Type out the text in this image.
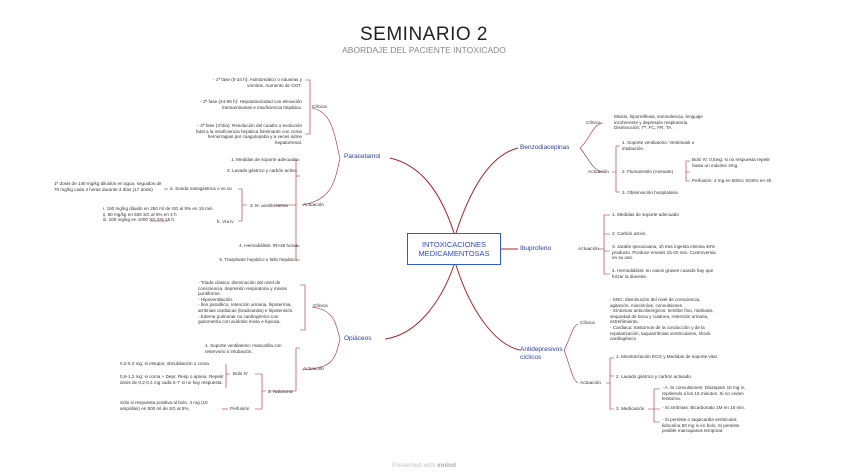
SEMINARIO 2
ABORDAJE DEL PACIENTE INTOXICADO
INTOXICACIONES
MEDICAMENTOSAS
Paracetamol
Opiáceos
Benzodiacepinas
Ibuprofeno
Antidepresivos cíclicos
Clínica
- 1ª fase (0-24 h): Asintomático o náuseas y vómitos. Aumento de GGT.
- 2ª fase (24-96 h): Hepatotoxicidad con elevación transaminasas e insuficiencia hepática.
- 3ª fase (4ºdía): Resolución del cuadro o evolución fatal a la insuficiencia hepática fulminante con coma hemorragias por coagulopatía y a veces sdme hepatorrenal.
Actuación
1. Medidas de soporte adecuado
2. Lavado gástrico y carbón activo.
3. N- acetilcisteína
a. Sonda nasogástrica o vo vo
1ª dosis de 140 mg/kg diluidos en agua, seguidos de 70 mg/kg cada 4 horas durante 3 días (17 dosis)
b. Vía iv
i. 150 mg/kg diluido en 250 ml de SG al 5% en 15 min
ii. 50 mg/kg en 500 SG al 5% en 4 h
iii. 100 mg/kg en 1000 SG 5% 16 h.
4. Hemodiálisis: IR>48 horas
5. Trasplante hepático o fallo hepático.
Clínica
- Triada clásica: disminución del nivel de consciencia, depresión respiratoria y miosis puntiforme.
- Hipoventilación.
- Íleo paralítico, retención urinaria, hipotermia, arritmias cardiacas (bradicardia) e hipotensión.
- Edema pulmonar no cardiogénico con gasometría con acidosis mixta e hipoxia.
Actuación
1. Soporte ventilatorio: mascarilla con reservorio o intubación.
2. Naloxona
Bolo IV
0,2-0,4 mg: si estupor, obnubilación o coma.
0,8-1,2 mg: si coma + Depr. Resp o apnea. Repetir dosis de 0,2-0,4 mg cada 5-7' si no hay respuesta.
Perfusión
Sólo si respuesta positiva al bolo. 4 mg (10 ampollas) en 500 ml de SG al 5%.
Clínica
Miosis, hiporreflexia, somnolencia, lenguaje incoherente y depresión respiratoria. Disminución: Tª, FC, FR, TA.
Actuación
1. Soporte ventilatorio: Ventimask o intubación.
2. Flumazenilo (Anexate)
Bolo IV: 0,5mg: si no respuesta repetir hasta un máximo 2mg.
Perfusión: 4 mg en 500cc SG5% en 4h
3. Observación hospitalaria
Actuación
1. Medidas de soporte adecuado
2. Carbón activo.
3. Jarabe Ipecacuana, 1h tras ingesta elimina 40% producto. Produce emesis 15-20 min. Controversia en su uso.
4. Hemodiálisis: en casos graves cuando hay que forzar la diuresis.
Clínica
- SNC: disminución del nivel de consciencia, agitación, mioclonías, convulsiones.
- Síntomas anticolinérgicos: temblor fino, midriasis, sequedad de boca y cutánea, retención urinaria, estreñimiento.
- Cardiaca: trastornos de la conducción y de la repolarización, taquiarritmias ventriculares, shock cardiogénico
Actuación
1. Monitorización ECG y Medidas de soporte vital.
2. Lavado gástrico y carbón activado.
3. Medicación
- A. Si convulsiones: Diazepam 10 mg iv, repitiendo a los 15 minutos. Si no ceden fenitoína.
- Si arritmias: Bicarbonato 1M en 15 min.
- Si persiste o taquicardia ventricular, lidocaína 50 mg iv en bolo. Si persiste posible marcapasos temporal.
Presented with xmind
